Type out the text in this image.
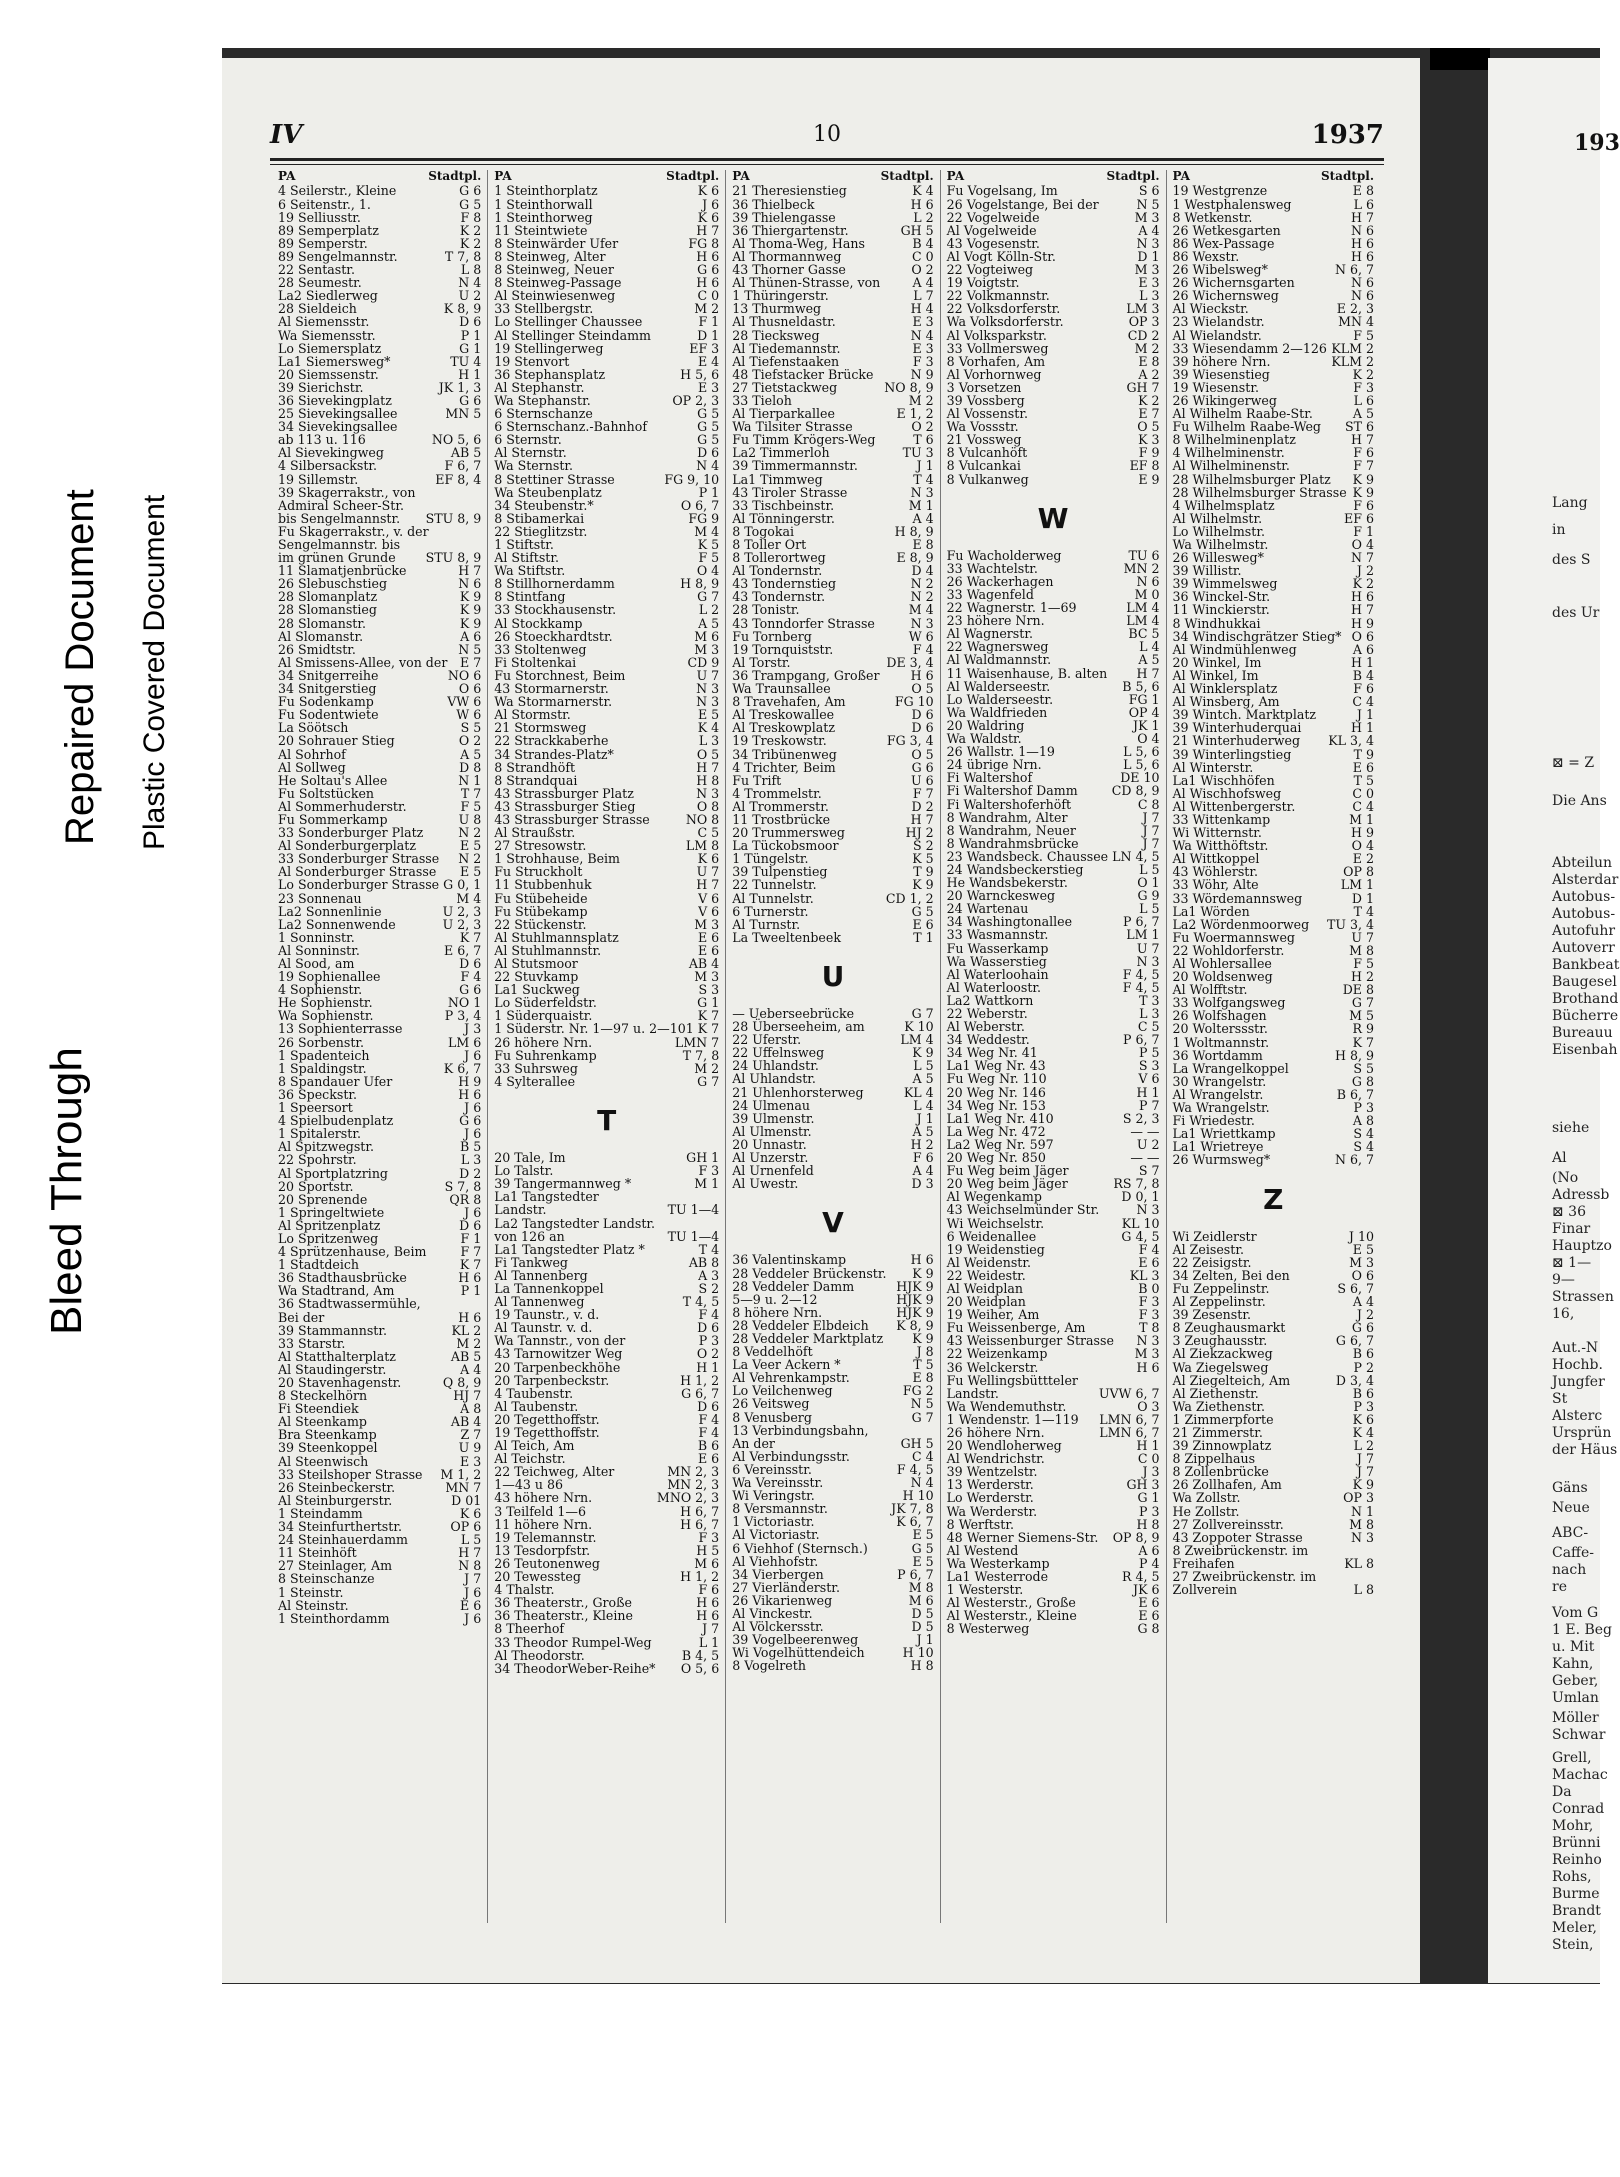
Bleed Through
Repaired Document Plastic Covered Document
IV	10	1937
PA	Stadtpl.
4 Seilerstr., Kleine	G 6
6 Seitenstr., 1.	G 5
19 Selliusstr.	F 8
89 Semperplatz	K 2
89 Semperstr.	K 2
89 Sengelmannstr.	T 7, 8
22 Sentastr.	L 8
28 Seumestr.	N 4
La2 Siedlerweg	U 2
28 Sieldeich	K 8, 9
Al Siemensstr.	D 6
Wa Siemensstr.	P 1
Lo Siemersplatz	G 1
La1 Siemersweg*	TU 4
20 Siemssenstr.	H 1
39 Sierichstr.	JK 1, 3
36 Sievekingplatz	G 6
25 Sievekingsallee	MN 5
34 Sievekingsallee
ab 113 u. 116	NO 5, 6
Al Sievekingweg	AB 5
4 Silbersackstr.	F 6, 7
19 Sillemstr.	EF 8, 4
39 Skagerrakstr., von
Admiral Scheer-Str.
bis Sengelmannstr.	STU 8, 9
Fu Skagerrakstr., v. der
Sengelmannstr. bis
im grünen Grunde	STU 8, 9
11 Slamatjenbrücke	H 7
26 Slebuschstieg	N 6
28 Slomanplatz	K 9
28 Slomanstieg	K 9
28 Slomanstr.	K 9
Al Slomanstr.	A 6
26 Smidtstr.	N 5
Al Smissens-Allee, von der	E 7
34 Snitgerreihe	NO 6
34 Snitgerstieg	O 6
Fu Sodenkamp	VW 6
Fu Sodentwiete	W 6
La Söötsch	S 5
20 Sohrauer Stieg	O 2
Al Sohrhof	A 5
Al Sollweg	D 8
He Soltau's Allee	N 1
Fu Soltstücken	T 7
Al Sommerhuderstr.	F 5
Fu Sommerkamp	U 8
33 Sonderburger Platz	N 2
Al Sonderburgerplatz	E 5
33 Sonderburger Strasse	N 2
Al Sonderburger Strasse	E 5
Lo Sonderburger Strasse G 0, 1
23 Sonnenau	M 4
La2 Sonnenlinie	U 2, 3
La2 Sonnenwende	U 2, 3
1 Sonninstr.	K 7
Al Sonninstr.	E 6, 7
Al Sood, am	D 6
19 Sophienallee	F 4
4 Sophienstr.	G 6
He Sophienstr.	NO 1
Wa Sophienstr.	P 3, 4
13 Sophienterrasse	J 3
26 Sorbenstr.	LM 6
1 Spadenteich	J 6
1 Spaldingstr.	K 6, 7
8 Spandauer Ufer	H 9
36 Speckstr.	H 6
1 Speersort	J 6
4 Spielbudenplatz	G 6
1 Spitalerstr.	J 6
Al Spitzwegstr.	B 5
22 Spohrstr.	L 3
Al Sportplatzring	D 2
20 Sportstr.	S 7, 8
20 Sprenende	QR 8
1 Springeltwiete	J 6
Al Spritzenplatz	D 6
Lo Spritzenweg	F 1
4 Sprützenhause, Beim	F 7
1 Stadtdeich	K 7
36 Stadthausbrücke	H 6
Wa Stadtrand, Am	P 1
36 Stadtwassermühle,
Bei der	H 6
39 Stammannstr.	KL 2
33 Starstr.	M 2
Al Statthalterplatz	AB 5
Al Staudingerstr.	A 4
20 Stavenhagenstr.	Q 8, 9
8 Steckelhörn	HJ 7
Fi Steendiek	A 8
Al Steenkamp	AB 4
Bra Steenkamp	Z 7
39 Steenkoppel	U 9
Al Steenwisch	E 3
33 Steilshoper Strasse	M 1, 2
26 Steinbeckerstr.	MN 7
Al Steinburgerstr.	D 01
1 Steindamm	K 6
34 Steinfurthertstr.	OP 6
24 Steinhauerdamm	L 5
11 Steinhöft	H 7
27 Steinlager, Am	N 8
8 Steinschanze	J 7
1 Steinstr.	J 6
Al Steinstr.	E 6
1 Steinthordamm	J 6
PA	Stadtpl.
1 Steinthorplatz	K 6
1 Steinthorwall	J 6
1 Steinthorweg	K 6
11 Steintwiete	H 7
8 Steinwärder Ufer	FG 8
8 Steinweg, Alter	H 6
8 Steinweg, Neuer	G 6
8 Steinweg-Passage	H 6
Al Steinwiesenweg	C 0
33 Stellbergstr.	M 2
Lo Stellinger Chaussee	F 1
Al Stellinger Steindamm	D 1
19 Stellingerweg	EF 3
19 Stenvort	E 4
36 Stephansplatz	H 5, 6
Al Stephanstr.	E 3
Wa Stephanstr.	OP 2, 3
6 Sternschanze	G 5
6 Sternschanz.-Bahnhof	G 5
6 Sternstr.	G 5
Al Sternstr.	D 6
Wa Sternstr.	N 4
8 Stettiner Strasse	FG 9, 10
Wa Steubenplatz	P 1
34 Steubenstr.*	O 6, 7
8 Stibamerkai	FG 9
22 Stieglitzstr.	M 4
1 Stiftstr.	K 5
Al Stiftstr.	F 5
Wa Stiftstr.	O 4
8 Stillhornerdamm	H 8, 9
8 Stintfang	G 7
33 Stockhausenstr.	L 2
Al Stockkamp	A 5
26 Stoeckhardtstr.	M 6
33 Stoltenweg	M 3
Fi Stoltenkai	CD 9
Fu Storchnest, Beim	U 7
43 Stormarnerstr.	N 3
Wa Stormarnerstr.	N 3
Al Stormstr.	E 5
21 Stormsweg	K 4
22 Strackkaberhe	L 3
34 Strandes-Platz*	O 5
8 Strandhöft	H 7
8 Strandquai	H 8
43 Strassburger Platz	N 3
43 Strassburger Stieg	O 8
43 Strassburger Strasse	NO 8
Al Straußstr.	C 5
27 Stresowstr.	LM 8
1 Strohhause, Beim	K 6
Fu Struckholt	U 7
11 Stubbenhuk	H 7
Fu Stübeheide	V 6
Fu Stübekamp	V 6
22 Stückenstr.	M 3
Al Stuhlmannsplatz	E 6
Al Stuhlmannstr.	E 6
Al Stutsmoor	AB 4
22 Stuvkamp	M 3
La1 Suckweg	S 3
Lo Süderfeldstr.	G 1
1 Süderquaistr.	K 7
1 Süderstr. Nr. 1—97 u. 2—101 K 7
26 höhere Nrn.	LMN 7
Fu Suhrenkamp	T 7, 8
33 Suhrsweg	M 2
4 Sylterallee	G 7
T
20 Tale, Im	GH 1
Lo Talstr.	F 3
39 Tangermannweg *	M 1
La1 Tangstedter
Landstr.	TU 1—4
La2 Tangstedter Landstr.
von 126 an	TU 1—4
La1 Tangstedter Platz *	T 4
Fi Tankweg	AB 8
Al Tannenberg	A 3
La Tannenkoppel	S 2
Al Tannenweg	T 4, 5
19 Taunstr., v. d.	F 4
Al Taunstr. v. d.	D 6
Wa Tannstr., von der	P 3
43 Tarnowitzer Weg	O 2
20 Tarpenbeckhöhe	H 1
20 Tarpenbeckstr.	H 1, 2
4 Taubenstr.	G 6, 7
Al Taubenstr.	D 6
20 Tegetthoffstr.	F 4
19 Tegetthoffstr.	F 4
Al Teich, Am	B 6
Al Teichstr.	E 6
22 Teichweg, Alter	MN 2, 3
1—43 u 86	MN 2, 3
43 höhere Nrn.	MNO 2, 3
3 Teilfeld 1—6	H 6, 7
11 höhere Nrn.	H 6, 7
19 Telemannstr.	F 3
13 Tesdorpfstr.	H 5
26 Teutonenweg	M 6
20 Tewessteg	H 1, 2
4 Thalstr.	F 6
36 Theaterstr., Große	H 6
36 Theaterstr., Kleine	H 6
8 Theerhof	J 7
33 Theodor Rumpel-Weg	L 1
Al Theodorstr.	B 4, 5
34 TheodorWeber-Reihe*	O 5, 6
PA	Stadtpl.
21 Theresienstieg	K 4
36 Thielbeck	H 6
39 Thielengasse	L 2
36 Thiergartenstr.	GH 5
Al Thoma-Weg, Hans	B 4
Al Thormannweg	C 0
43 Thorner Gasse	O 2
Al Thünen-Strasse, von	A 4
1 Thüringerstr.	L 7
13 Thurmweg	H 4
Al Thusneldastr.	E 3
28 Tiecksweg	N 4
Al Tiedemannstr.	E 3
Al Tiefenstaaken	F 3
48 Tiefstacker Brücke	N 9
27 Tietstackweg	NO 8, 9
33 Tieloh	M 2
Al Tierparkallee	E 1, 2
Wa Tilsiter Strasse	O 2
Fu Timm Krögers-Weg	T 6
La2 Timmerloh	TU 3
39 Timmermannstr.	J 1
La1 Timmweg	T 4
43 Tiroler Strasse	N 3
33 Tischbeinstr.	M 1
Al Tönningerstr.	A 4
8 Togokai	H 8, 9
8 Toller Ort	E 8
8 Tollerortweg	E 8, 9
Al Tondernstr.	D 4
43 Tondernstieg	N 2
43 Tondernstr.	N 2
28 Tonistr.	M 4
43 Tonndorfer Strasse	N 3
Fu Tornberg	W 6
19 Tornquiststr.	F 4
Al Torstr.	DE 3, 4
36 Trampgang, Großer	H 6
Wa Traunsallee	O 5
8 Travehafen, Am	FG 10
Al Treskowallee	D 6
Al Treskowplatz	D 6
19 Treskowstr.	FG 3, 4
34 Tribünenweg	O 5
4 Trichter, Beim	G 6
Fu Trift	U 6
4 Trommelstr.	F 7
Al Trommerstr.	D 2
11 Trostbrücke	H 7
20 Trummersweg	HJ 2
La Tückobsmoor	S 2
1 Tüngelstr.	K 5
39 Tulpenstieg	T 9
22 Tunnelstr.	K 9
Al Tunnelstr.	CD 1, 2
6 Turnerstr.	G 5
Al Turnstr.	E 6
La Tweeltenbeek	T 1
U
— Ueberseebrücke	G 7
28 Überseeheim, am	K 10
22 Uferstr.	LM 4
22 Uffelnsweg	K 9
24 Uhlandstr.	L 5
Al Uhlandstr.	A 5
21 Uhlenhorsterweg	KL 4
24 Ulmenau	L 4
39 Ulmenstr.	J 1
Al Ulmenstr.	A 5
20 Unnastr.	H 2
Al Unzerstr.	F 6
Al Urnenfeld	A 4
Al Uwestr.	D 3
V
36 Valentinskamp	H 6
28 Veddeler Brückenstr.	K 9
28 Veddeler Damm	HJK 9
5—9 u. 2—12	HJK 9
8 höhere Nrn.	HJK 9
28 Veddeler Elbdeich	K 8, 9
28 Veddeler Marktplatz	K 9
8 Veddelhöft	J 8
La Veer Ackern *	T 5
Al Vehrenkampstr.	E 8
Lo Veilchenweg	FG 2
26 Veitsweg	N 5
8 Venusberg	G 7
13 Verbindungsbahn,
An der	GH 5
Al Verbindungsstr.	C 4
6 Vereinsstr.	F 4, 5
Wa Vereinsstr.	N 4
Wi Veringstr.	H 10
8 Versmannstr.	JK 7, 8
1 Victoriastr.	K 6, 7
Al Victoriastr.	E 5
6 Viehhof (Sternsch.)	G 5
Al Viehhofstr.	E 5
34 Vierbergen	P 6, 7
27 Vierländerstr.	M 8
26 Vikarienweg	M 6
Al Vinckestr.	D 5
Al Völckersstr.	D 5
39 Vogelbeerenweg	J 1
Wi Vogelhüttendeich	H 10
8 Vogelreth	H 8
PA	Stadtpl.
Fu Vogelsang, Im	S 6
26 Vogelstange, Bei der	N 5
22 Vogelweide	M 3
Al Vogelweide	A 4
43 Vogesenstr.	N 3
Al Vogt Kölln-Str.	D 1
22 Vogteiweg	M 3
19 Voigtstr.	E 3
22 Volkmannstr.	L 3
22 Volksdorferstr.	LM 3
Wa Volksdorferstr.	OP 3
Al Volksparkstr.	CD 2
33 Vollmersweg	M 2
8 Vorhafen, Am	E 8
Al Vorhornweg	A 2
3 Vorsetzen	GH 7
39 Vossberg	K 2
Al Vossenstr.	E 7
Wa Vossstr.	O 5
21 Vossweg	K 3
8 Vulcanhöft	F 9
8 Vulcankai	EF 8
8 Vulkanweg	E 9
W
Fu Wacholderweg	TU 6
33 Wachtelstr.	MN 2
26 Wackerhagen	N 6
33 Wagenfeld	M 0
22 Wagnerstr. 1—69	LM 4
23 höhere Nrn.	LM 4
Al Wagnerstr.	BC 5
22 Wagnersweg	L 4
Al Waldmannstr.	A 5
11 Waisenhause, B. alten	H 7
Al Walderseestr.	B 5, 6
Lo Walderseestr.	FG 1
Wa Waldfrieden	OP 4
20 Waldring	JK 1
Wa Waldstr.	O 4
26 Wallstr. 1—19	L 5, 6
24 übrige Nrn.	L 5, 6
Fi Waltershof	DE 10
Fi Waltershof Damm	CD 8, 9
Fi Waltershoferhöft	C 8
8 Wandrahm, Alter	J 7
8 Wandrahm, Neuer	J 7
8 Wandrahmsbrücke	J 7
23 Wandsbeck. Chaussee LN 4, 5
24 Wandsbeckerstieg	L 5
He Wandsbekerstr.	O 1
20 Warnckesweg	G 9
24 Wartenau	L 5
34 Washingtonallee	P 6, 7
33 Wasmannstr.	LM 1
Fu Wasserkamp	U 7
Wa Wasserstieg	N 3
Al Waterloohain	F 4, 5
Al Waterloostr.	F 4, 5
La2 Wattkorn	T 3
22 Weberstr.	L 3
Al Weberstr.	C 5
34 Weddestr.	P 6, 7
34 Weg Nr. 41	P 5
La1 Weg Nr. 43	S 3
Fu Weg Nr. 110	V 6
20 Weg Nr. 146	H 1
34 Weg Nr. 153	P 7
La1 Weg Nr. 410	S 2, 3
La Weg Nr. 472	— —
La2 Weg Nr. 597	U 2
20 Weg Nr. 850	— —
Fu Weg beim Jäger	S 7
20 Weg beim Jäger	RS 7, 8
Al Wegenkamp	D 0, 1
43 Weichselmünder Str.	N 3
Wi Weichselstr.	KL 10
6 Weidenallee	G 4, 5
19 Weidenstieg	F 4
Al Weidenstr.	E 6
22 Weidestr.	KL 3
Al Weidplan	B 0
20 Weidplan	F 3
19 Weiher, Am	F 3
Fu Weissenberge, Am	T 8
43 Weissenburger Strasse	N 3
22 Weizenkamp	M 3
36 Welckerstr.	H 6
Fu Wellingsbüttteler
Landstr.	UVW 6, 7
Wa Wendemuthstr.	O 3
1 Wendenstr. 1—119	LMN 6, 7
26 höhere Nrn.	LMN 6, 7
20 Wendloherweg	H 1
Al Wendrichstr.	C 0
39 Wentzelstr.	J 3
13 Werderstr.	GH 3
Lo Werderstr.	G 1
Wa Werderstr.	P 3
8 Werftstr.	H 8
48 Werner Siemens-Str.	OP 8, 9
Al Westend	A 6
Wa Westerkamp	P 4
La1 Westerrode	R 4, 5
1 Westerstr.	JK 6
Al Westerstr., Große	E 6
Al Westerstr., Kleine	E 6
8 Westerweg	G 8
PA	Stadtpl.
19 Westgrenze	E 8
1 Westphalensweg	L 6
8 Wetkenstr.	H 7
26 Wetkesgarten	N 6
86 Wex-Passage	H 6
86 Wexstr.	H 6
26 Wibelsweg*	N 6, 7
26 Wichernsgarten	N 6
26 Wichernsweg	N 6
Al Wieckstr.	E 2, 3
23 Wielandstr.	MN 4
Al Wielandstr.	F 5
33 Wiesendamm 2—126 KLM 2
39 höhere Nrn.	KLM 2
39 Wiesenstieg	K 2
19 Wiesenstr.	F 3
26 Wikingerweg	L 6
Al Wilhelm Raabe-Str.	A 5
Fu Wilhelm Raabe-Weg	ST 6
8 Wilhelminenplatz	H 7
4 Wilhelminenstr.	F 6
Al Wilhelminenstr.	F 7
28 Wilhelmsburger Platz	K 9
28 Wilhelmsburger Strasse K 9
4 Wilhelmsplatz	F 6
Al Wilhelmstr.	EF 6
Lo Wilhelmstr.	F 1
Wa Wilhelmstr.	O 4
26 Willesweg*	N 7
39 Willistr.	J 2
39 Wimmelsweg	K 2
36 Winckel-Str.	H 6
11 Winckierstr.	H 7
8 Windhukkai	H 9
34 Windischgrätzer Stieg* O 6
Al Windmühlenweg	A 6
20 Winkel, Im	H 1
Al Winkel, Im	B 4
Al Winklersplatz	F 6
Al Winsberg, Am	C 4
39 Wintch. Marktplatz	J 1
39 Winterhuderquai	H 1
21 Winterhuderweg	KL 3, 4
39 Winterlingstieg	T 9
Al Winterstr.	E 6
La1 Wischhöfen	T 5
Al Wischhofsweg	C 0
Al Wittenbergerstr.	C 4
33 Wittenkamp	M 1
Wi Witternstr.	H 9
Wa Witthöftstr.	O 4
Al Wittkoppel	E 2
43 Wöhlerstr.	OP 8
33 Wöhr, Alte	LM 1
33 Wördemannsweg	D 1
La1 Wörden	T 4
La2 Wördenmoorweg	TU 3, 4
Fu Woermannsweg	U 7
22 Wohldorferstr.	M 8
Al Wohlersallee	F 5
20 Woldsenweg	H 2
Al Wolfftstr.	DE 8
33 Wolfgangsweg	G 7
26 Wolfshagen	M 5
20 Wolterssstr.	R 9
1 Woltmannstr.	K 7
36 Wortdamm	H 8, 9
La Wrangelkoppel	S 5
30 Wrangelstr.	G 8
Al Wrangelstr.	B 6, 7
Wa Wrangelstr.	P 3
Fi Wriedestr.	A 8
La1 Wriettkamp	S 4
La1 Wrietreye	S 4
26 Wurmsweg*	N 6, 7
Z
Wi Zeidlerstr	J 10
Al Zeisestr.	E 5
22 Zeisigstr.	M 3
34 Zelten, Bei den	O 6
Fu Zeppelinstr.	S 6, 7
Al Zeppelinstr.	A 4
39 Zesenstr.	J 2
8 Zeughausmarkt	G 6
3 Zeughausstr.	G 6, 7
Al Ziekzackweg	B 6
Wa Ziegelsweg	P 2
Al Ziegelteich, Am	D 3, 4
Al Ziethenstr.	B 6
Wa Ziethenstr.	P 3
1 Zimmerpforte	K 6
21 Zimmerstr.	K 4
39 Zinnowplatz	L 2
8 Zippelhaus	J 7
8 Zollenbrücke	J 7
26 Zollhafen, Am	K 9
Wa Zollstr.	OP 3
He Zollstr.	N 1
27 Zollvereinsstr.	M 8
43 Zoppoter Strasse	N 3
8 Zweibrückenstr. im
Freihafen	KL 8
27 Zweibrückenstr. im
Zollverein	L 8
193
Lang
in
des S
des Ur
⊠ = Z
Die Ans
Abteilun
Alsterdar
Autobus-
Autobus-
Autofuhr
Autoverr
Bankbeat
Baugesel
Brothand
Bücherre
Bureauu
Eisenbah
siehe
Al
(No
Adressb
⊠ 36
Finar
Hauptzo
⊠ 1—
9—
Strassen
16,
Aut.-N
Hochb.
Jungfer
St
Alsterc
Ursprün
der Häus
Gäns
Neue
ABC-
Caffe-
nach
re
Vom G
1 E. Beg
u. Mit
Kahn,
Geber,
Umlan
Möller
Schwar
Grell,
Machac
Da
Conrad
Mohr,
Brünni
Reinho
Rohs,
Burme
Brandt
Meler,
Stein,
